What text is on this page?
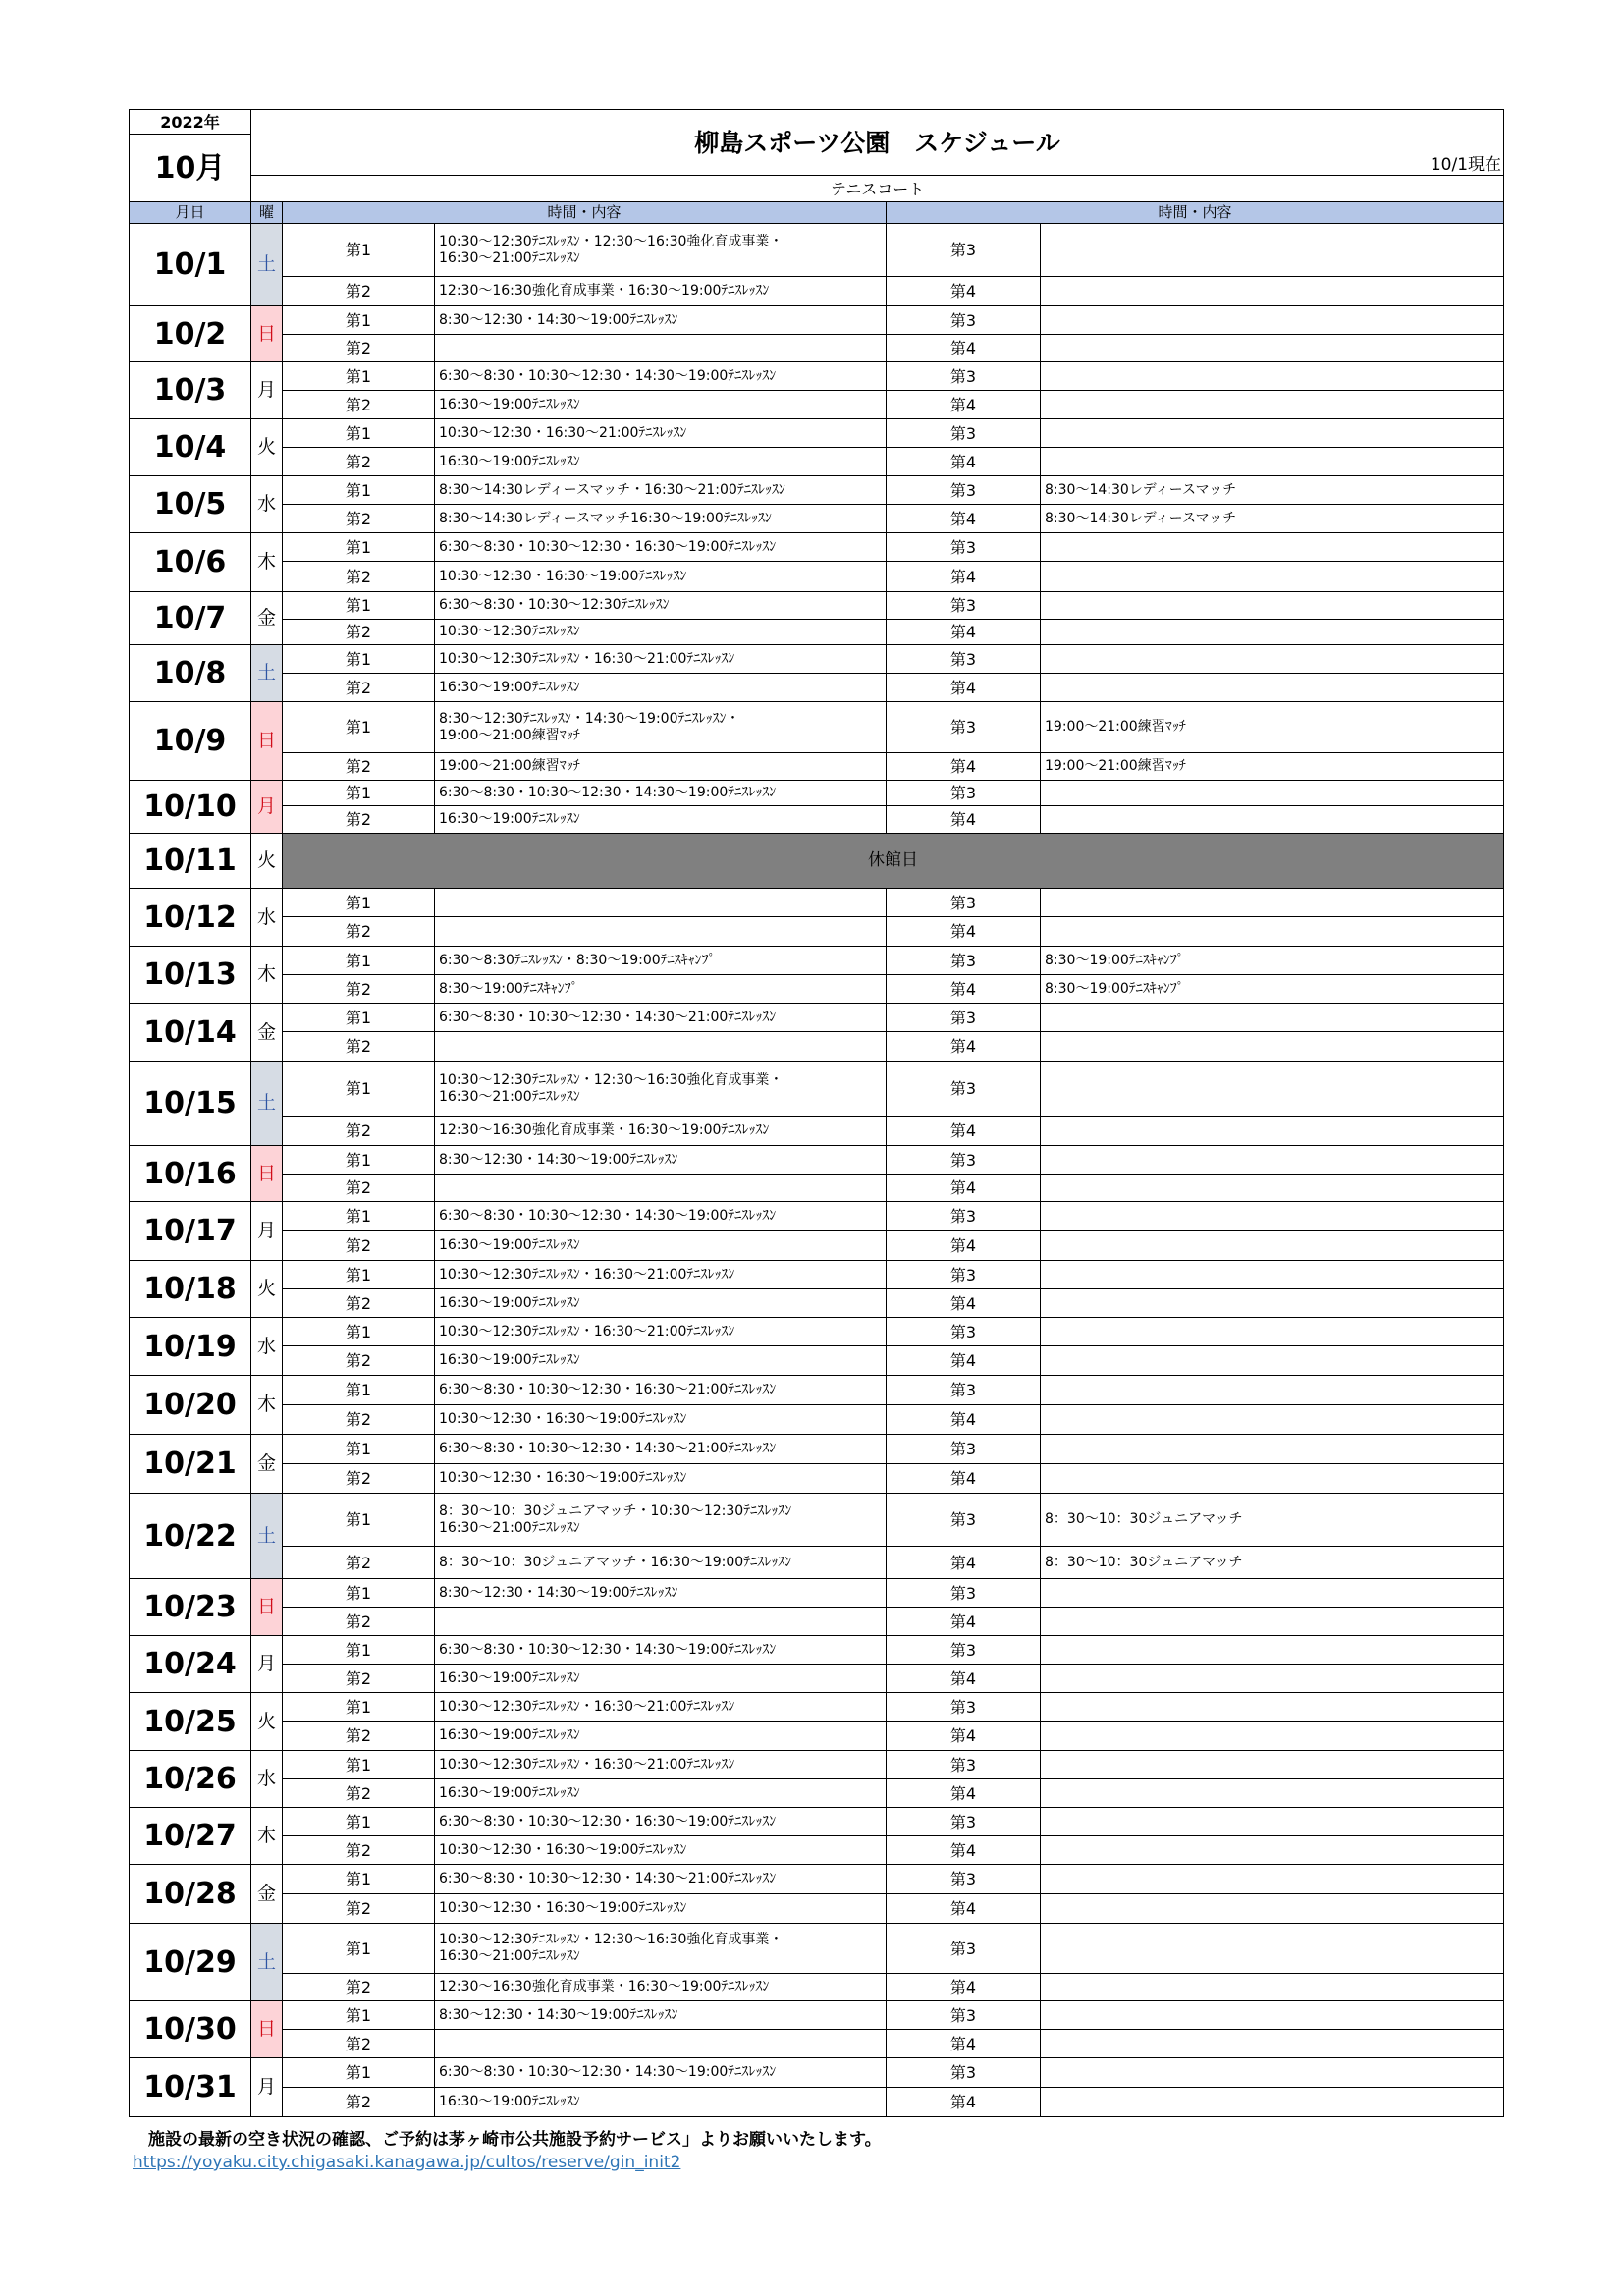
2022年	柳島スポーツ公園　スケジュール
10/1現在				

10月					
	テニスコート				
月日	曜	時間・内容		時間・内容	
10/1	土	第1	10:30～12:30ﾃﾆｽﾚｯｽﾝ・12:30～16:30強化育成事業・
16:30～21:00ﾃﾆｽﾚｯｽﾝ	第3	
		第2	12:30～16:30強化育成事業・16:30～19:00ﾃﾆｽﾚｯｽﾝ	第4	
10/2	日	第1	8:30～12:30・14:30～19:00ﾃﾆｽﾚｯｽﾝ	第3	
		第2		第4	
10/3	月	第1	6:30～8:30・10:30～12:30・14:30～19:00ﾃﾆｽﾚｯｽﾝ	第3	
		第2	16:30～19:00ﾃﾆｽﾚｯｽﾝ	第4	
10/4	火	第1	10:30～12:30・16:30～21:00ﾃﾆｽﾚｯｽﾝ	第3	
		第2	16:30～19:00ﾃﾆｽﾚｯｽﾝ	第4	
10/5	水	第1	8:30～14:30レディースマッチ・16:30～21:00ﾃﾆｽﾚｯｽﾝ	第3	8:30～14:30レディースマッチ
		第2	8:30～14:30レディースマッチ16:30～19:00ﾃﾆｽﾚｯｽﾝ	第4	8:30～14:30レディースマッチ
10/6	木	第1	6:30～8:30・10:30～12:30・16:30～19:00ﾃﾆｽﾚｯｽﾝ	第3	
		第2	10:30～12:30・16:30～19:00ﾃﾆｽﾚｯｽﾝ	第4	
10/7	金	第1	6:30～8:30・10:30～12:30ﾃﾆｽﾚｯｽﾝ	第3	
		第2	10:30～12:30ﾃﾆｽﾚｯｽﾝ	第4	
10/8	土	第1	10:30～12:30ﾃﾆｽﾚｯｽﾝ・16:30～21:00ﾃﾆｽﾚｯｽﾝ	第3	
		第2	16:30～19:00ﾃﾆｽﾚｯｽﾝ	第4	
10/9	日	第1	8:30～12:30ﾃﾆｽﾚｯｽﾝ・14:30～19:00ﾃﾆｽﾚｯｽﾝ・
19:00～21:00練習ﾏｯﾁ	第3	19:00～21:00練習ﾏｯﾁ
		第2	19:00～21:00練習ﾏｯﾁ	第4	19:00～21:00練習ﾏｯﾁ
10/10	月	第1	6:30～8:30・10:30～12:30・14:30～19:00ﾃﾆｽﾚｯｽﾝ	第3	
		第2	16:30～19:00ﾃﾆｽﾚｯｽﾝ	第4	
10/11	火	休館日			
10/12	水	第1		第3	
		第2		第4	
10/13	木	第1	6:30～8:30ﾃﾆｽﾚｯｽﾝ・8:30～19:00ﾃﾆｽｷｬﾝﾌﾟ	第3	8:30～19:00ﾃﾆｽｷｬﾝﾌﾟ
		第2	8:30～19:00ﾃﾆｽｷｬﾝﾌﾟ	第4	8:30～19:00ﾃﾆｽｷｬﾝﾌﾟ
10/14	金	第1	6:30～8:30・10:30～12:30・14:30～21:00ﾃﾆｽﾚｯｽﾝ	第3	
		第2		第4	
10/15	土	第1	10:30～12:30ﾃﾆｽﾚｯｽﾝ・12:30～16:30強化育成事業・
16:30～21:00ﾃﾆｽﾚｯｽﾝ	第3	
		第2	12:30～16:30強化育成事業・16:30～19:00ﾃﾆｽﾚｯｽﾝ	第4	
10/16	日	第1	8:30～12:30・14:30～19:00ﾃﾆｽﾚｯｽﾝ	第3	
		第2		第4	
10/17	月	第1	6:30～8:30・10:30～12:30・14:30～19:00ﾃﾆｽﾚｯｽﾝ	第3	
		第2	16:30～19:00ﾃﾆｽﾚｯｽﾝ	第4	
10/18	火	第1	10:30～12:30ﾃﾆｽﾚｯｽﾝ・16:30～21:00ﾃﾆｽﾚｯｽﾝ	第3	
		第2	16:30～19:00ﾃﾆｽﾚｯｽﾝ	第4	
10/19	水	第1	10:30～12:30ﾃﾆｽﾚｯｽﾝ・16:30～21:00ﾃﾆｽﾚｯｽﾝ	第3	
		第2	16:30～19:00ﾃﾆｽﾚｯｽﾝ	第4	
10/20	木	第1	6:30～8:30・10:30～12:30・16:30～21:00ﾃﾆｽﾚｯｽﾝ	第3	
		第2	10:30～12:30・16:30～19:00ﾃﾆｽﾚｯｽﾝ	第4	
10/21	金	第1	6:30～8:30・10:30～12:30・14:30～21:00ﾃﾆｽﾚｯｽﾝ	第3	
		第2	10:30～12:30・16:30～19:00ﾃﾆｽﾚｯｽﾝ	第4	
10/22	土	第1	8：30～10：30ジュニアマッチ・10:30～12:30ﾃﾆｽﾚｯｽﾝ
16:30～21:00ﾃﾆｽﾚｯｽﾝ	第3	8：30～10：30ジュニアマッチ
		第2	8：30～10：30ジュニアマッチ・16:30～19:00ﾃﾆｽﾚｯｽﾝ	第4	8：30～10：30ジュニアマッチ
10/23	日	第1	8:30～12:30・14:30～19:00ﾃﾆｽﾚｯｽﾝ	第3	
		第2		第4	
10/24	月	第1	6:30～8:30・10:30～12:30・14:30～19:00ﾃﾆｽﾚｯｽﾝ	第3	
		第2	16:30～19:00ﾃﾆｽﾚｯｽﾝ	第4	
10/25	火	第1	10:30～12:30ﾃﾆｽﾚｯｽﾝ・16:30～21:00ﾃﾆｽﾚｯｽﾝ	第3	
		第2	16:30～19:00ﾃﾆｽﾚｯｽﾝ	第4	
10/26	水	第1	10:30～12:30ﾃﾆｽﾚｯｽﾝ・16:30～21:00ﾃﾆｽﾚｯｽﾝ	第3	
		第2	16:30～19:00ﾃﾆｽﾚｯｽﾝ	第4	
10/27	木	第1	6:30～8:30・10:30～12:30・16:30～19:00ﾃﾆｽﾚｯｽﾝ	第3	
		第2	10:30～12:30・16:30～19:00ﾃﾆｽﾚｯｽﾝ	第4	
10/28	金	第1	6:30～8:30・10:30～12:30・14:30～21:00ﾃﾆｽﾚｯｽﾝ	第3	
		第2	10:30～12:30・16:30～19:00ﾃﾆｽﾚｯｽﾝ	第4	
10/29	土	第1	10:30～12:30ﾃﾆｽﾚｯｽﾝ・12:30～16:30強化育成事業・
16:30～21:00ﾃﾆｽﾚｯｽﾝ	第3	
		第2	12:30～16:30強化育成事業・16:30～19:00ﾃﾆｽﾚｯｽﾝ	第4	
10/30	日	第1	8:30～12:30・14:30～19:00ﾃﾆｽﾚｯｽﾝ	第3	
		第2		第4	
10/31	月	第1	6:30～8:30・10:30～12:30・14:30～19:00ﾃﾆｽﾚｯｽﾝ	第3	
		第2	16:30～19:00ﾃﾆｽﾚｯｽﾝ	第4	
施設の最新の空き状況の確認、ご予約は茅ヶ崎市公共施設予約サービス」よりお願いいたします。
https://yoyaku.city.chigasaki.kanagawa.jp/cultos/reserve/gin_init2
